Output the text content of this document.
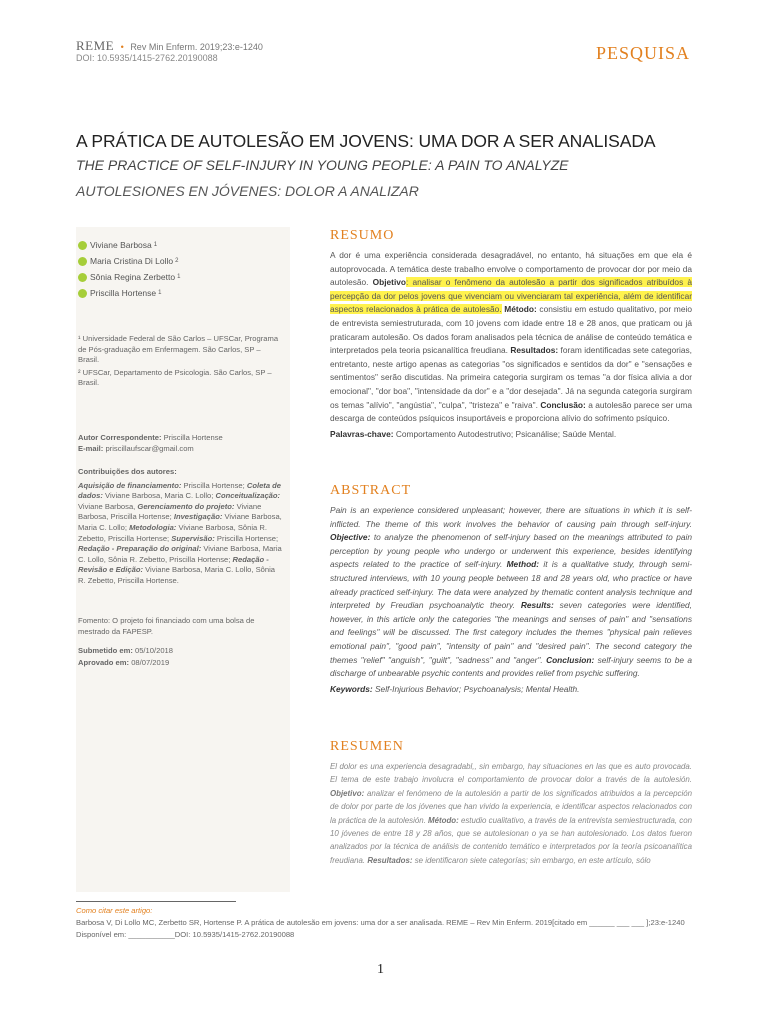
REME • Rev Min Enferm. 2019;23:e-1240
DOI: 10.5935/1415-2762.20190088	PESQUISA
A PRÁTICA DE AUTOLESÃO EM JOVENS: UMA DOR A SER ANALISADA
THE PRACTICE OF SELF-INJURY IN YOUNG PEOPLE: A PAIN TO ANALYZE
AUTOLESIONES EN JÓVENES: DOLOR A ANALIZAR
Viviane Barbosa 1
Maria Cristina Di Lollo 2
Sônia Regina Zerbetto 1
Priscilla Hortense 1

¹ Universidade Federal de São Carlos – UFSCar, Programa de Pós-graduação em Enfermagem. São Carlos, SP – Brasil.

² UFSCar, Departamento de Psicologia. São Carlos, SP – Brasil.

Autor Correspondente: Priscilla Hortense
E-mail: priscillaufscar@gmail.com
Contribuições dos autores:
Aquisição de financiamento: Priscilla Hortense; Coleta de dados: Viviane Barbosa, Maria C. Lollo; Conceitualização: Viviane Barbosa, Gerenciamento do projeto: Viviane Barbosa, Priscilla Hortense; Investigação: Viviane Barbosa, Maria C. Lollo; Metodologia: Viviane Barbosa, Sônia R. Zebetto, Priscilla Hortense; Supervisão: Priscilla Hortense; Redação - Preparação do original: Viviane Barbosa, Maria C. Lollo, Sônia R. Zebetto, Priscilla Hortense; Redação - Revisão e Edição: Viviane Barbosa, Maria C. Lollo, Sônia R. Zebetto, Priscilla Hortense.
Fomento: O projeto foi financiado com uma bolsa de mestrado da FAPESP.
Submetido em: 05/10/2018
Aprovado em: 08/07/2019
RESUMO
A dor é uma experiência considerada desagradável, no entanto, há situações em que ela é autoprovocada. A temática deste trabalho envolve o comportamento de provocar dor por meio da autolesão. Objetivo: analisar o fenômeno da autolesão a partir dos significados atribuídos à percepção da dor pelos jovens que vivenciam ou vivenciaram tal experiência, além de identificar aspectos relacionados à prática de autolesão. Método: consistiu em estudo qualitativo, por meio de entrevista semiestruturada, com 10 jovens com idade entre 18 e 28 anos, que praticam ou já praticaram autolesão. Os dados foram analisados pela técnica de análise de conteúdo temática e interpretados pela teoria psicanalítica freudiana. Resultados: foram identificadas sete categorias, entretanto, neste artigo apenas as categorias "os significados e sentidos da dor" e "sensações e sentimentos" serão discutidas. Na primeira categoria surgiram os temas "a dor física alivia a dor emocional", "dor boa", "intensidade da dor" e a "dor desejada". Já na segunda categoria surgiram os temas "alívio", "angústia", "culpa", "tristeza" e "raiva". Conclusão: a autolesão parece ser uma descarga de conteúdos psíquicos insuportáveis e proporciona alívio do sofrimento psíquico.
Palavras-chave: Comportamento Autodestrutivo; Psicanálise; Saúde Mental.
ABSTRACT
Pain is an experience considered unpleasant; however, there are situations in which it is self-inflicted. The theme of this work involves the behavior of causing pain through self-injury. Objective: to analyze the phenomenon of self-injury based on the meanings attributed to pain perception by young people who undergo or underwent this experience, besides identifying aspects related to the practice of self-injury. Method: it is a qualitative study, through semi-structured interviews, with 10 young people between 18 and 28 years old, who practice or have already practiced self-injury. The data were analyzed by thematic content analysis technique and interpreted by Freudian psychoanalytic theory. Results: seven categories were identified, however, in this article only the categories "the meanings and senses of pain" and "sensations and feelings" will be discussed. The first category includes the themes "physical pain relieves emotional pain", "good pain", "intensity of pain" and "desired pain". The second category the themes "relief" "anguish", "guilt", "sadness" and "anger". Conclusion: self-injury seems to be a discharge of unbearable psychic contents and provides relief from psychic suffering.
Keywords: Self-Injurious Behavior; Psychoanalysis; Mental Health.
RESUMEN
El dolor es una experiencia desagradabl,, sin embargo, hay situaciones en las que es auto provocada. El tema de este trabajo involucra el comportamiento de provocar dolor a través de la autolesión. Objetivo: analizar el fenómeno de la autolesión a partir de los significados atribuidos a la percepción de dolor por parte de los jóvenes que han vivido la experiencia, e identificar aspectos relacionados con la práctica de la autolesión. Método: estudio cualitativo, a través de la entrevista semiestructurada, con 10 jóvenes de entre 18 y 28 años, que se autolesionan o ya se han autolesionado. Los datos fueron analizados por la técnica de análisis de contenido temático e interpretados por la teoría psicoanalítica freudiana. Resultados: se identificaron siete categorías; sin embargo, en este artículo, sólo
Como citar este artigo:
Barbosa V, Di Lollo MC, Zerbetto SR, Hortense P. A prática de autolesão em jovens: uma dor a ser analisada. REME – Rev Min Enferm. 2019[citado em ______ ___ ___ ];23:e-1240 Disponível em: ___________DOI: 10.5935/1415-2762.20190088
1
